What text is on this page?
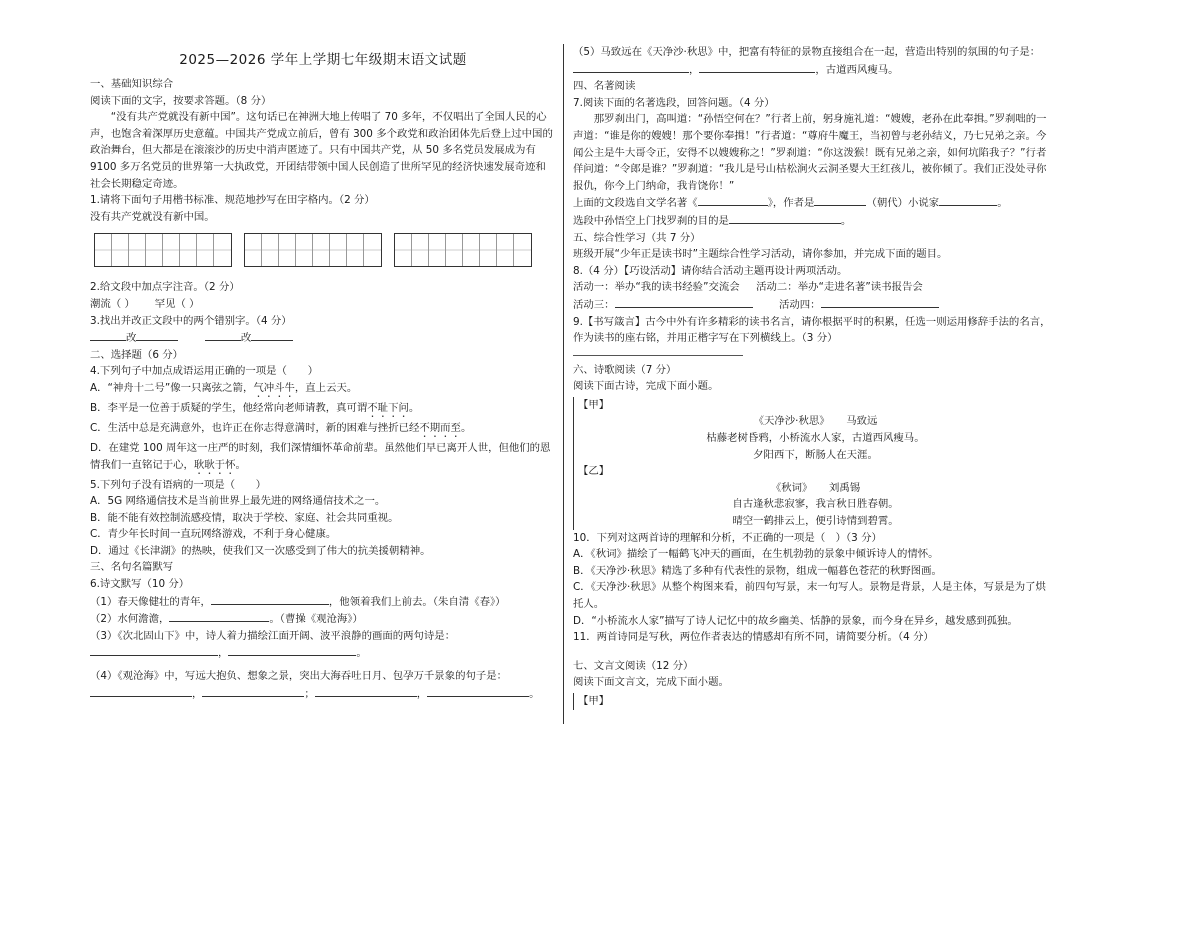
2025—2026 学年上学期七年级期末语文试题

一、基础知识综合

阅读下面的文字，按要求答题。（8 分）

“没有共产党就没有新中国”。这句话已在神洲大地上传唱了 70 多年，不仅唱出了全国人民的心声，也饱含着深厚历史意蕴。中国共产党成立前后，曾有 300 多个政党和政治团体先后登上过中国的政治舞台，但大都是在滚滚沙的历史中消声匿迹了。只有中国共产党，从 50 多名党员发展成为有 9100 多万名党员的世界第一大执政党，开团结带领中国人民创造了世所罕见的经济快速发展奇迹和社会长期稳定奇迹。

1.请将下面句子用楷书标准、规范地抄写在田字格内。（2 分）

没有共产党就没有新中国。

2.给文段中加点字注音。（2 分）

潮流（ ） 罕见（ ）

3.找出并改正文段中的两个错别字。（4 分）

改	改

二、选择题（6 分）

4.下列句子中加点成语运用正确的一项是（　　）

A．“神舟十二号”像一只离弦之箭，气冲斗牛，直上云天。

B．李平是一位善于质疑的学生，他经常向老师请教，真可谓不耻下问。

C．生活中总是充满意外，也许正在你志得意满时，新的困难与挫折已经不期而至。

D．在建党 100 周年这一庄严的时刻，我们深情缅怀革命前辈。虽然他们早已离开人世，但他们的恩情我们一直铭记于心，耿耿于怀。

5.下列句子没有语病的一项是（　　）

A．5G 网络通信技术是当前世界上最先进的网络通信技术之一。

B．能不能有效控制流感疫情，取决于学校、家庭、社会共同重视。

C．青少年长时间一直玩网络游戏，不利于身心健康。

D．通过《长津湖》的热映，使我们又一次感受到了伟大的抗美援朝精神。

三、名句名篇默写

6.诗文默写（10 分）

（1）春天像健壮的青年，	，他领着我们上前去。（朱自清《春》）

（2）水何澹澹，	。（曹操《观沧海》）

（3）《次北固山下》中，诗人着力描绘江面开阔、波平浪静的画面的两句诗是：

，	。

（4）《观沧海》中，写远大抱负、想象之景，突出大海吞吐日月、包孕万千景象的句子是：

，	；	，	。

（5）马致远在《天净沙·秋思》中，把富有特征的景物直接组合在一起，营造出特别的氛围的句子是：

，	，古道西风瘦马。

四、名著阅读

7.阅读下面的名著选段，回答问题。（4 分）

那罗刹出门，高叫道：“孙悟空何在？”行者上前，躬身施礼道：“嫂嫂，老孙在此奉揖。”罗刹咄的一声道：“谁是你的嫂嫂！那个要你奉揖！”行者道：“尊府牛魔王，当初曾与老孙结义，乃七兄弟之亲。今闻公主是牛大哥令正，安得不以嫂嫂称之！”罗刹道：“你这泼猴！既有兄弟之亲，如何坑陷我子？”行者佯问道：“令郎是谁？”罗刹道：“我儿是号山枯松涧火云洞圣婴大王红孩儿，被你倾了。我们正没处寻你报仇，你今上门纳命，我肯饶你！”

上面的文段选自文学名著《	》，作者是	（朝代）小说家	。

选段中孙悟空上门找罗刹的目的是	。

五、综合性学习（共 7 分）

班级开展“少年正是读书时”主题综合性学习活动，请你参加，并完成下面的题目。

8.（4 分）【巧设活动】请你结合活动主题再设计两项活动。

活动一：举办“我的读书经验”交流会 活动二：举办“走进名著”读书报告会

活动三：	活动四：

9.【书写箴言】古今中外有许多精彩的读书名言，请你根据平时的积累，任选一则运用修辞手法的名言，作为读书的座右铭，并用正楷字写在下列横线上。（3 分）

六、诗歌阅读（7 分）

阅读下面古诗，完成下面小题。

【甲】

《天净沙·秋思》 马致远

枯藤老树昏鸦，小桥流水人家，古道西风瘦马。

夕阳西下，断肠人在天涯。

【乙】

《秋词》 刘禹锡

自古逢秋悲寂寥，我言秋日胜春朝。

晴空一鹤排云上，便引诗情到碧霄。

10．下列对这两首诗的理解和分析，不正确的一项是（　）（3 分）

A．《秋词》描绘了一幅鹤飞冲天的画面，在生机勃勃的景象中倾诉诗人的情怀。

B．《天净沙·秋思》精选了多种有代表性的景物，组成一幅暮色苍茫的秋野图画。

C．《天净沙·秋思》从整个构图来看，前四句写景，末一句写人。景物是背景，人是主体，写景是为了烘托人。

D．“小桥流水人家”描写了诗人记忆中的故乡幽美、恬静的景象，而今身在异乡，越发感到孤独。

11．两首诗同是写秋，两位作者表达的情感却有所不同，请简要分析。（4 分）

七、文言文阅读（12 分）

阅读下面文言文，完成下面小题。

【甲】
